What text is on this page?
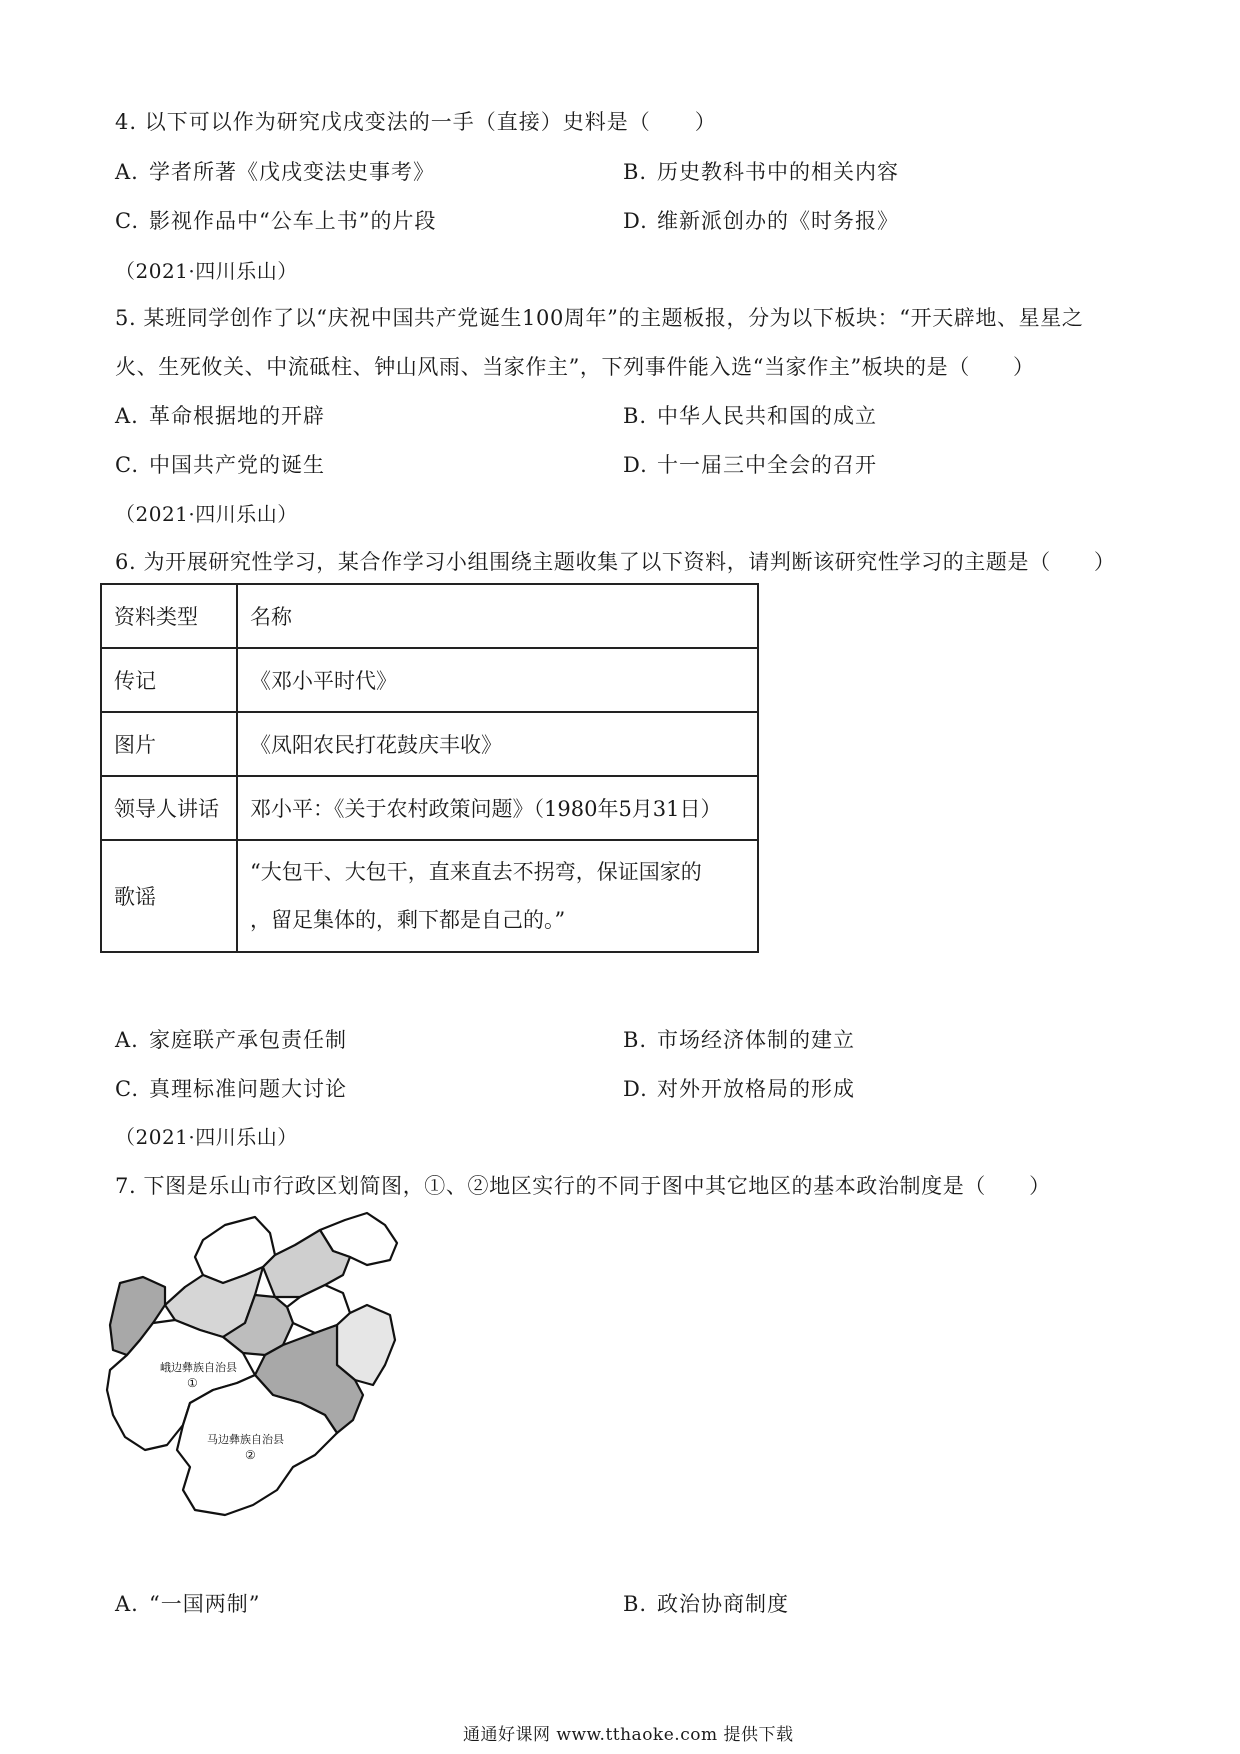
4. 以下可以作为研究戊戌变法的一手（直接）史料是（　　）
A. 学者所著《戊戌变法史事考》	B. 历史教科书中的相关内容
C. 影视作品中“公车上书”的片段	D. 维新派创办的《时务报》
（2021·四川乐山）
5. 某班同学创作了以“庆祝中国共产党诞生100周年”的主题板报，分为以下板块：“开天辟地、星星之
火、生死攸关、中流砥柱、钟山风雨、当家作主”，下列事件能入选“当家作主”板块的是（　　）
A. 革命根据地的开辟	B. 中华人民共和国的成立
C. 中国共产党的诞生	D. 十一届三中全会的召开
（2021·四川乐山）
6. 为开展研究性学习，某合作学习小组围绕主题收集了以下资料，请判断该研究性学习的主题是（　　）
资料类型	名称
传记	《邓小平时代》
图片	《凤阳农民打花鼓庆丰收》
领导人讲话	邓小平：《关于农村政策问题》（1980年5月31日）
歌谣	“大包干、大包干，直来直去不拐弯，保证国家的
，留足集体的，剩下都是自己的。”
A. 家庭联产承包责任制	B. 市场经济体制的建立
C. 真理标准问题大讨论	D. 对外开放格局的形成
（2021·四川乐山）
7. 下图是乐山市行政区划简图，①、②地区实行的不同于图中其它地区的基本政治制度是（　　）
峨边彝族自治县
①
马边彝族自治县
②
A. “一国两制”	B. 政治协商制度
通通好课网 www.tthaoke.com 提供下载
